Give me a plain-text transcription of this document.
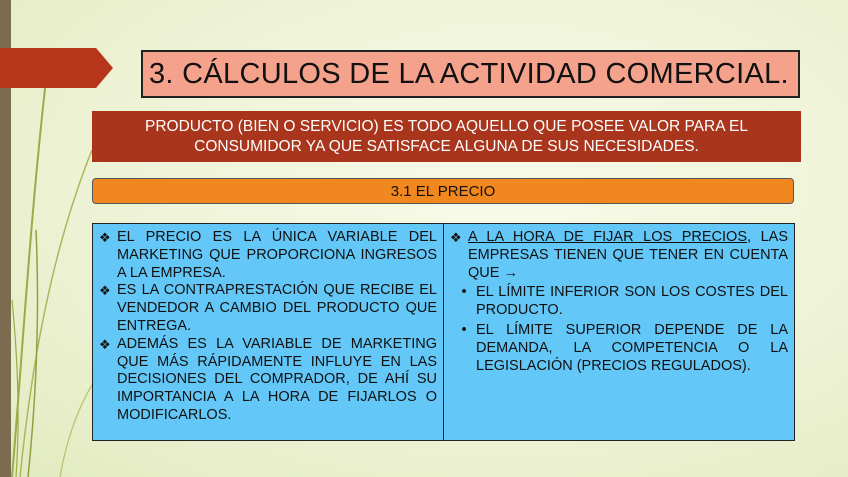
3. CÁLCULOS DE LA ACTIVIDAD COMERCIAL.
PRODUCTO (BIEN O SERVICIO) ES TODO AQUELLO QUE POSEE VALOR PARA EL CONSUMIDOR YA QUE SATISFACE ALGUNA DE SUS NECESIDADES.
3.1 EL PRECIO
❖ EL PRECIO ES LA ÚNICA VARIABLE DEL MARKETING QUE PROPORCIONA INGRESOS A LA EMPRESA.
❖ ES LA CONTRAPRESTACIÓN QUE RECIBE EL VENDEDOR A CAMBIO DEL PRODUCTO QUE ENTREGA.
❖ ADEMÁS ES LA VARIABLE DE MARKETING QUE MÁS RÁPIDAMENTE INFLUYE EN LAS DECISIONES DEL COMPRADOR, DE AHÍ SU IMPORTANCIA A LA HORA DE FIJARLOS O MODIFICARLOS.
❖ A LA HORA DE FIJAR LOS PRECIOS, LAS EMPRESAS TIENEN QUE TENER EN CUENTA QUE →
• EL LÍMITE INFERIOR SON LOS COSTES DEL PRODUCTO.
• EL LÍMITE SUPERIOR DEPENDE DE LA DEMANDA, LA COMPETENCIA O LA LEGISLACIÓN (PRECIOS REGULADOS).
